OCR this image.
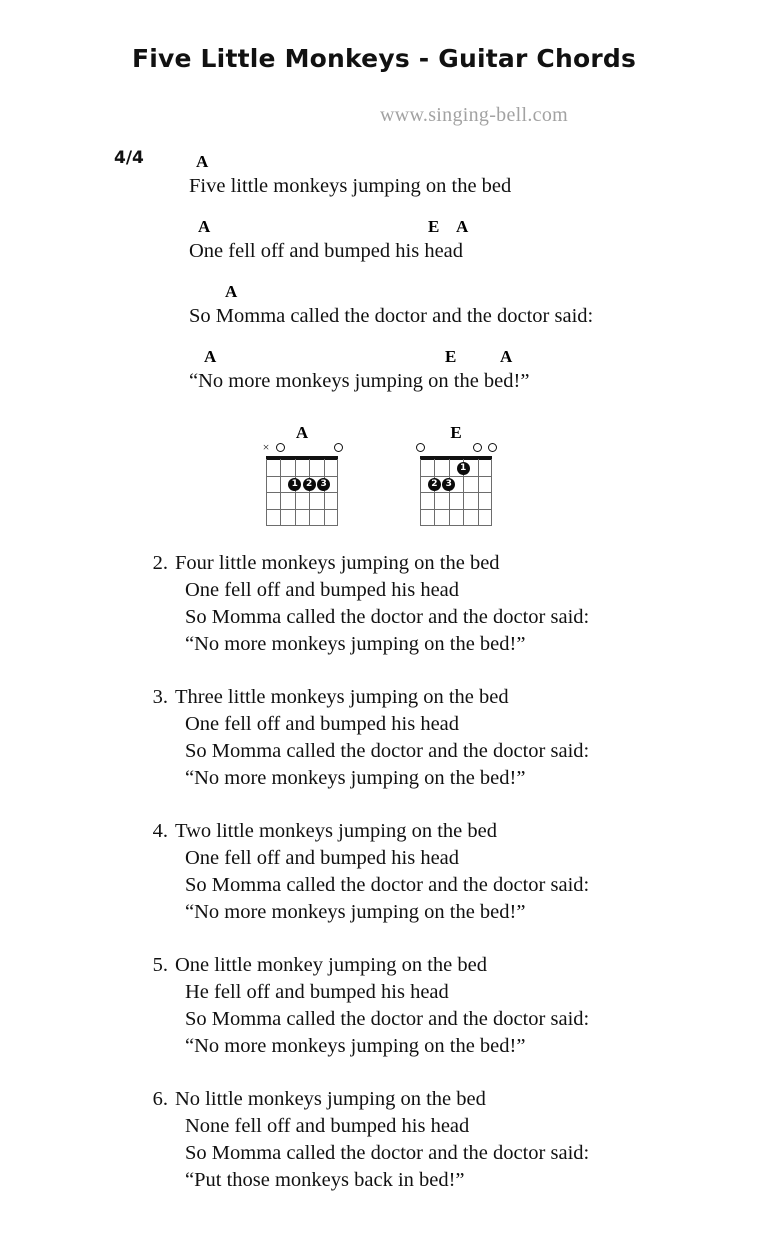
Five Little Monkeys - Guitar Chords
www.singing-bell.com
4/4	A
Five little monkeys jumping on the bed
A	E A
One fell off and bumped his head
A
So Momma called the doctor and the doctor said:
A	E	A
“No more monkeys jumping on the bed!”
A
×
1 2 3
E
1
2 3
2. Four little monkeys jumping on the bed
One fell off and bumped his head
So Momma called the doctor and the doctor said:
“No more monkeys jumping on the bed!”
3. Three little monkeys jumping on the bed
One fell off and bumped his head
So Momma called the doctor and the doctor said:
“No more monkeys jumping on the bed!”
4. Two little monkeys jumping on the bed
One fell off and bumped his head
So Momma called the doctor and the doctor said:
“No more monkeys jumping on the bed!”
5. One little monkey jumping on the bed
He fell off and bumped his head
So Momma called the doctor and the doctor said:
“No more monkeys jumping on the bed!”
6. No little monkeys jumping on the bed
None fell off and bumped his head
So Momma called the doctor and the doctor said:
“Put those monkeys back in bed!”
